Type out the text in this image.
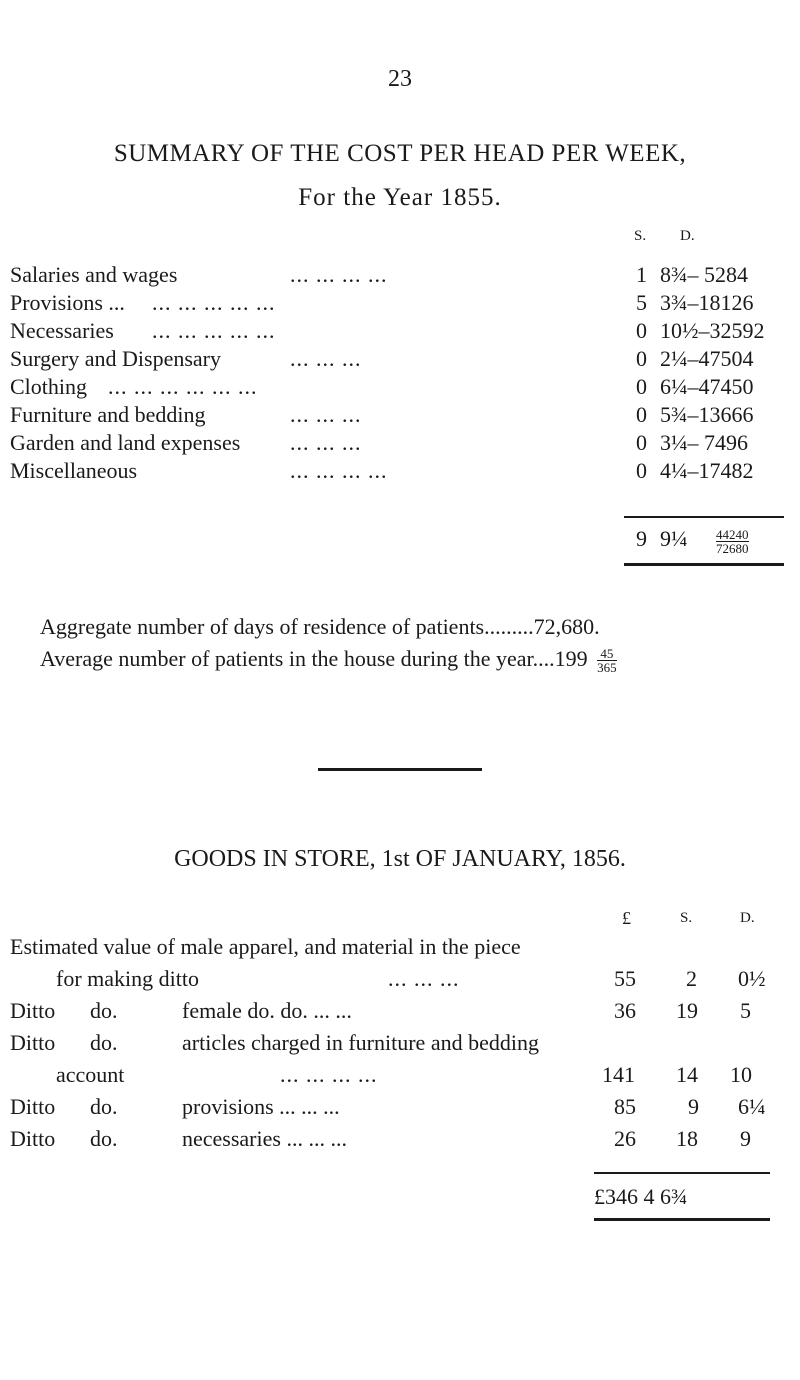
23
SUMMARY OF THE COST PER HEAD PER WEEK,
For the Year 1855.
S. D.
Salaries and wages	... ... ... ...	1 8¾– 5284
Provisions ... ... ... ... ... ...	5 3¾–18126
Necessaries ... ... ... ... ...	0 10½–32592
Surgery and Dispensary	... ... ...	0 2¼–47504
Clothing ... ... ... ... ... ...	0 6¼–47450
Furniture and bedding	... ... ...	0 5¾–13666
Garden and land expenses ... ... ...	0 3¼– 7496
Miscellaneous	... ... ... ...	0 4¼–17482
9 9¼ $\frac{44240}{72680}$
Aggregate number of days of residence of patients.........72,680.
Average number of patients in the house during the year....199 $\frac{45}{365}$
GOODS IN STORE, 1st OF JANUARY, 1856.
£	S.	D.
Estimated value of male apparel, and material in the piece
for making ditto	... ... ...	55 2 0½
Ditto do.	female do. do. ... ...	36 19 5
Ditto do.	articles charged in furniture and bedding
account	... ... ... ...	141 14 10
Ditto do.	provisions ... ... ...	85 9 6¼
Ditto do.	necessaries ... ... ...	26 18 9
£346 4 6¾
